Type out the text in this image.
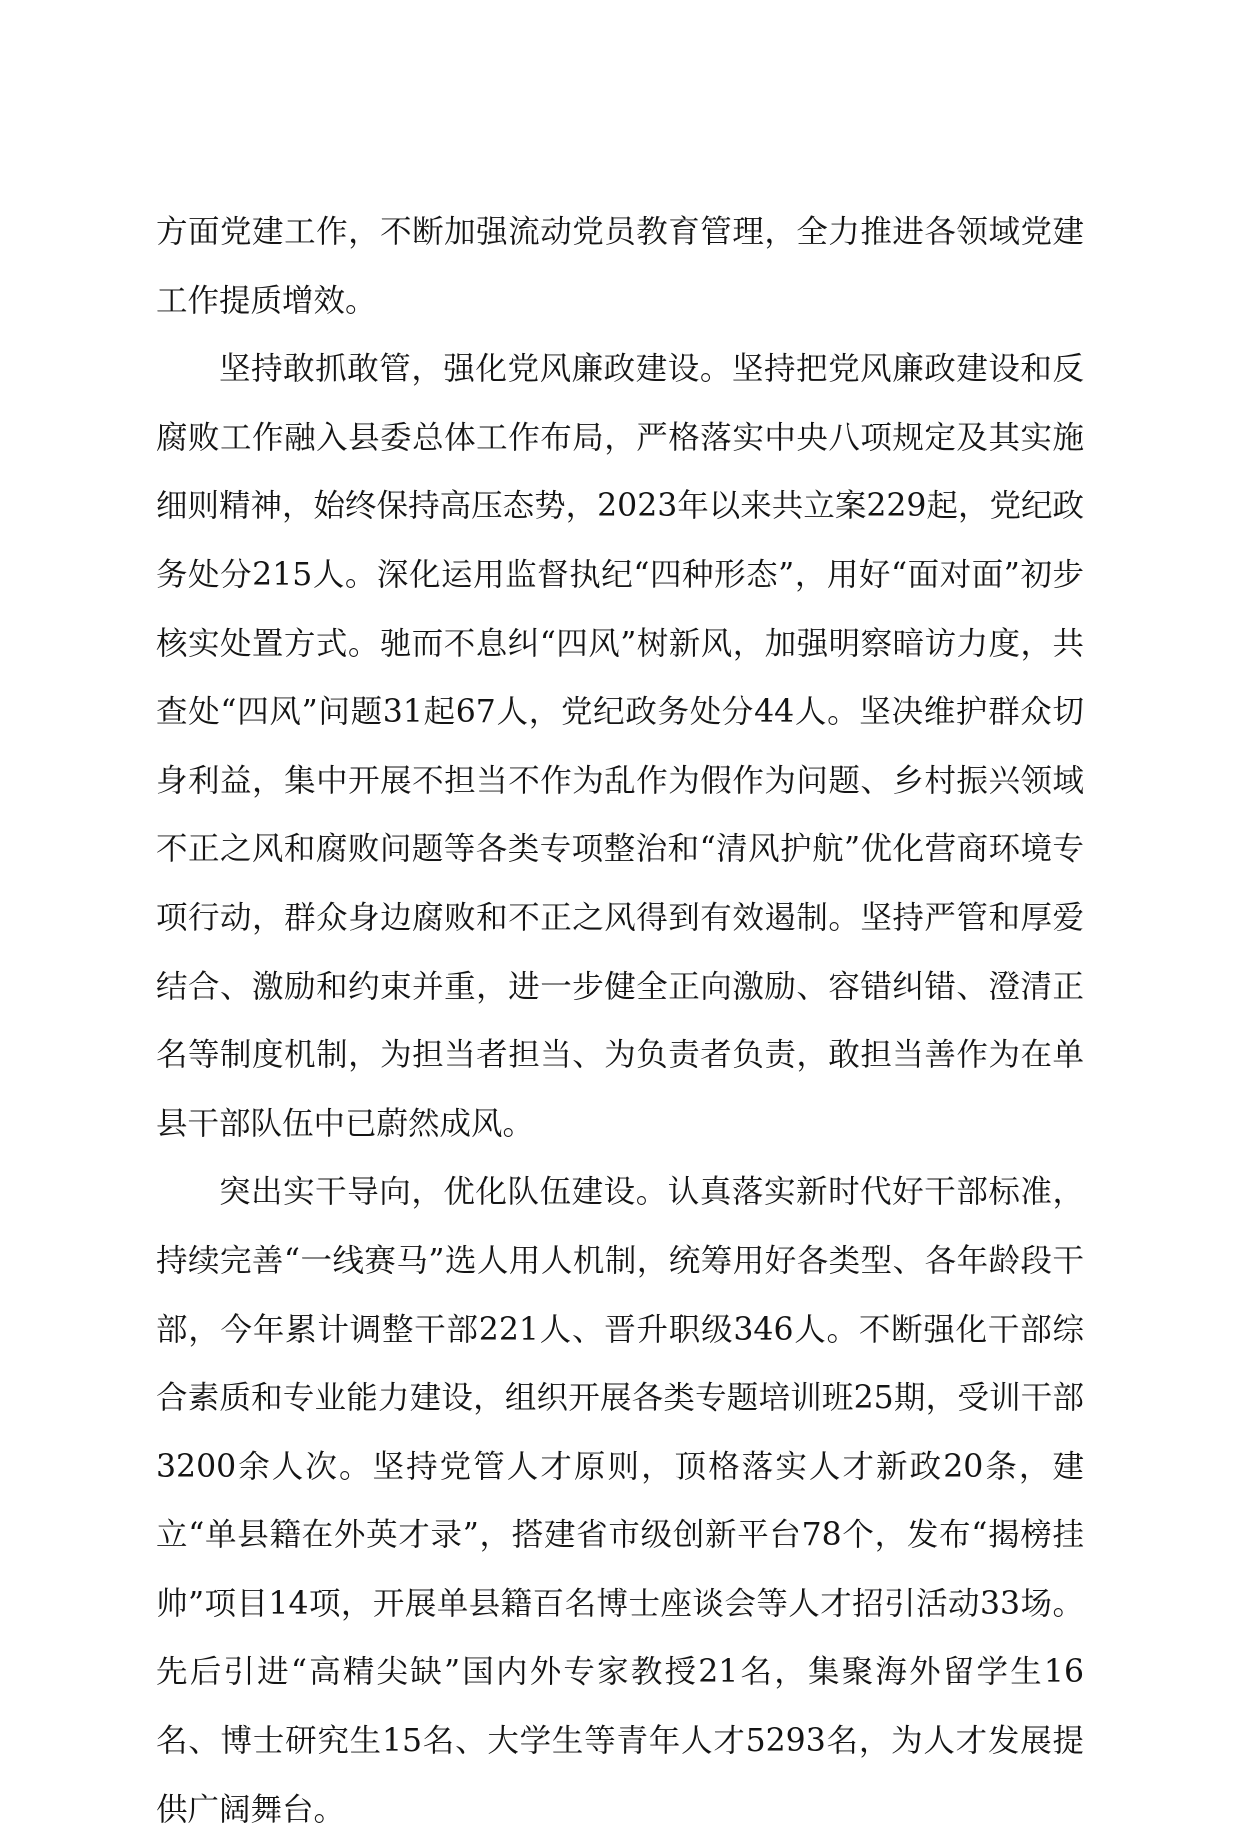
方面党建工作，不断加强流动党员教育管理，全力推进各领域党建工作提质增效。

坚持敢抓敢管，强化党风廉政建设。坚持把党风廉政建设和反腐败工作融入县委总体工作布局，严格落实中央八项规定及其实施细则精神，始终保持高压态势，2023年以来共立案229起，党纪政务处分215人。深化运用监督执纪“四种形态”，用好“面对面”初步核实处置方式。驰而不息纠“四风”树新风，加强明察暗访力度，共查处“四风”问题31起67人，党纪政务处分44人。坚决维护群众切身利益，集中开展不担当不作为乱作为假作为问题、乡村振兴领域不正之风和腐败问题等各类专项整治和“清风护航”优化营商环境专项行动，群众身边腐败和不正之风得到有效遏制。坚持严管和厚爱结合、激励和约束并重，进一步健全正向激励、容错纠错、澄清正名等制度机制，为担当者担当、为负责者负责，敢担当善作为在单县干部队伍中已蔚然成风。

突出实干导向，优化队伍建设。认真落实新时代好干部标准，持续完善“一线赛马”选人用人机制，统筹用好各类型、各年龄段干部，今年累计调整干部221人、晋升职级346人。不断强化干部综合素质和专业能力建设，组织开展各类专题培训班25期，受训干部3200余人次。坚持党管人才原则，顶格落实人才新政20条，建立“单县籍在外英才录”，搭建省市级创新平台78个，发布“揭榜挂帅”项目14项，开展单县籍百名博士座谈会等人才招引活动33场。先后引进“高精尖缺”国内外专家教授21名，集聚海外留学生16名、博士研究生15名、大学生等青年人才5293名，为人才发展提供广阔舞台。
